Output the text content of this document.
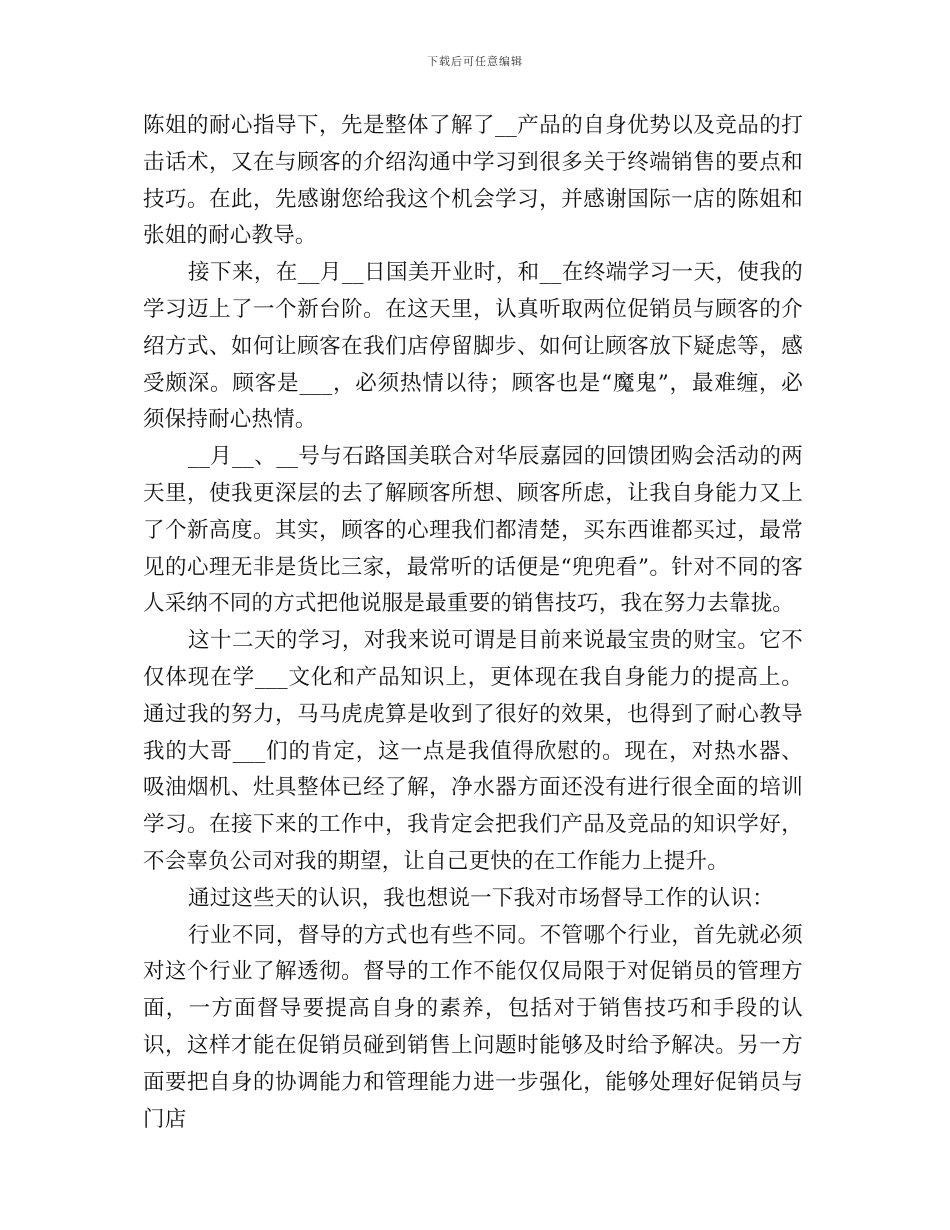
下载后可任意编辑

陈姐的耐心指导下，先是整体了解了__产品的自身优势以及竞品的打击话术，又在与顾客的介绍沟通中学习到很多关于终端销售的要点和技巧。在此，先感谢您给我这个机会学习，并感谢国际一店的陈姐和张姐的耐心教导。

接下来，在__月__日国美开业时，和__在终端学习一天，使我的学习迈上了一个新台阶。在这天里，认真听取两位促销员与顾客的介绍方式、如何让顾客在我们店停留脚步、如何让顾客放下疑虑等，感受颇深。顾客是___，必须热情以待；顾客也是“魔鬼”，最难缠，必须保持耐心热情。

__月__、__号与石路国美联合对华辰嘉园的回馈团购会活动的两天里，使我更深层的去了解顾客所想、顾客所虑，让我自身能力又上了个新高度。其实，顾客的心理我们都清楚，买东西谁都买过，最常见的心理无非是货比三家，最常听的话便是“兜兜看”。针对不同的客人采纳不同的方式把他说服是最重要的销售技巧，我在努力去靠拢。

这十二天的学习，对我来说可谓是目前来说最宝贵的财宝。它不仅体现在学___文化和产品知识上，更体现在我自身能力的提高上。通过我的努力，马马虎虎算是收到了很好的效果，也得到了耐心教导我的大哥___们的肯定，这一点是我值得欣慰的。现在，对热水器、吸油烟机、灶具整体已经了解，净水器方面还没有进行很全面的培训学习。在接下来的工作中，我肯定会把我们产品及竞品的知识学好，不会辜负公司对我的期望，让自己更快的在工作能力上提升。

通过这些天的认识，我也想说一下我对市场督导工作的认识：

行业不同，督导的方式也有些不同。不管哪个行业，首先就必须对这个行业了解透彻。督导的工作不能仅仅局限于对促销员的管理方面，一方面督导要提高自身的素养，包括对于销售技巧和手段的认识，这样才能在促销员碰到销售上问题时能够及时给予解决。另一方面要把自身的协调能力和管理能力进一步强化，能够处理好促销员与门店
